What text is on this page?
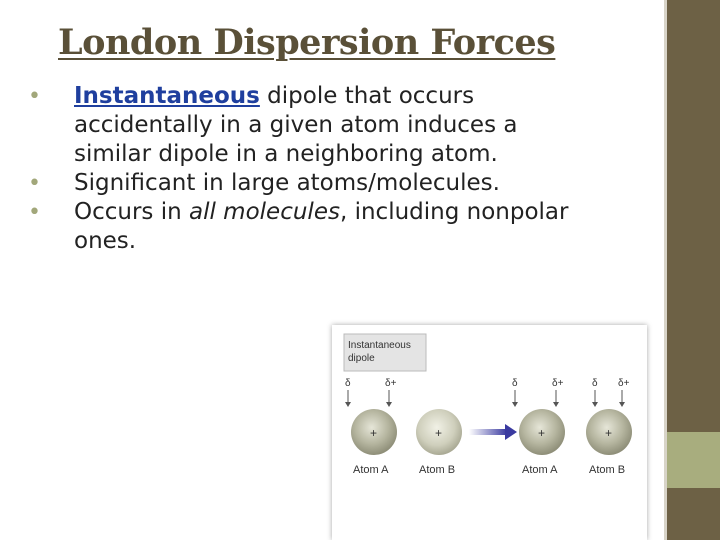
London Dispersion Forces
• Instantaneous dipole that occurs
accidentally in a given atom induces a
similar dipole in a neighboring atom.
• Significant in large atoms/molecules.
• Occurs in all molecules, including nonpolar
ones.
Instantaneous
dipole
δ	δ+
+
Atom A
+
Atom B
δ	δ+
+
Atom A
δ δ+
+
Atom B
